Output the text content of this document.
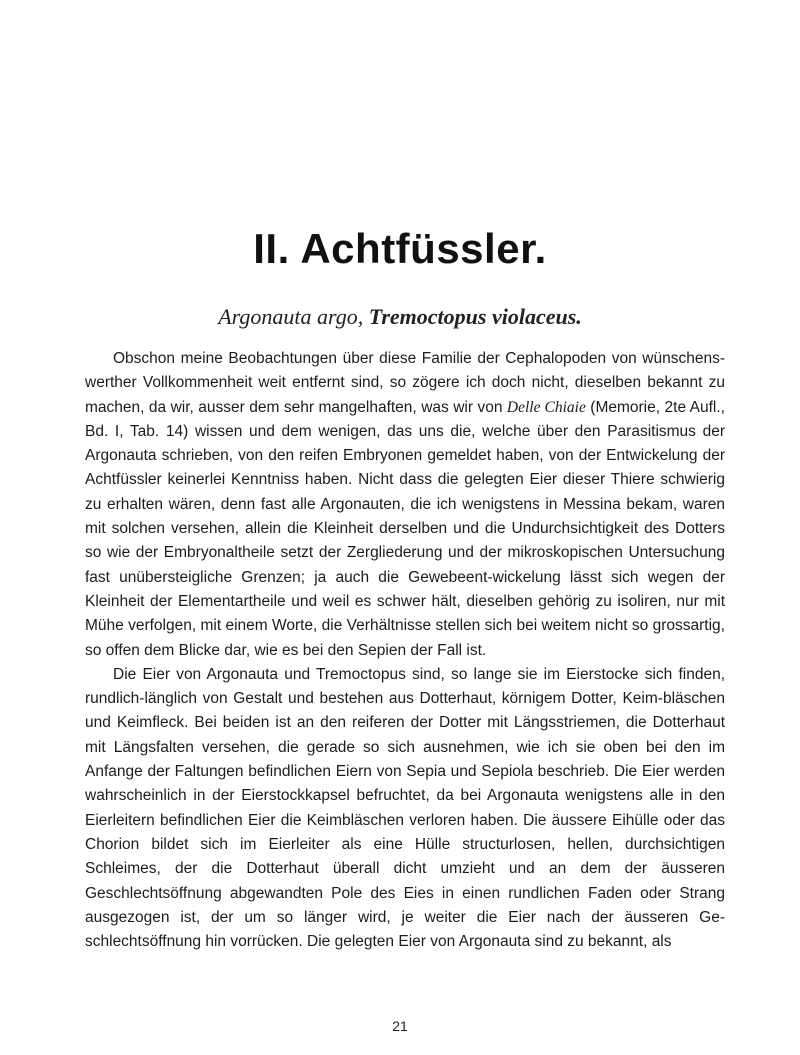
II. Achtfüssler.
Argonauta argo, Tremoctopus violaceus.

Obschon meine Beobachtungen über diese Familie der Cephalopoden von wünschens-werther Vollkommenheit weit entfernt sind, so zögere ich doch nicht, dieselben bekannt zu machen, da wir, ausser dem sehr mangelhaften, was wir von Delle Chiaie (Memorie, 2te Aufl., Bd. I, Tab. 14) wissen und dem wenigen, das uns die, welche über den Parasitismus der Argonauta schrieben, von den reifen Embryonen gemeldet haben, von der Entwickelung der Achtfüssler keinerlei Kenntniss haben. Nicht dass die gelegten Eier dieser Thiere schwierig zu erhalten wären, denn fast alle Argonauten, die ich wenigstens in Messina bekam, waren mit solchen versehen, allein die Kleinheit derselben und die Undurchsichtigkeit des Dotters so wie der Embryonaltheile setzt der Zergliederung und der mikroskopischen Untersuchung fast unübersteigliche Grenzen; ja auch die Gewebeent-wickelung lässt sich wegen der Kleinheit der Elementartheile und weil es schwer hält, dieselben gehörig zu isoliren, nur mit Mühe verfolgen, mit einem Worte, die Verhältnisse stellen sich bei weitem nicht so grossartig, so offen dem Blicke dar, wie es bei den Sepien der Fall ist.

Die Eier von Argonauta und Tremoctopus sind, so lange sie im Eierstocke sich finden, rundlich-länglich von Gestalt und bestehen aus Dotterhaut, körnigem Dotter, Keim-bläschen und Keimfleck. Bei beiden ist an den reiferen der Dotter mit Längsstriemen, die Dotterhaut mit Längsfalten versehen, die gerade so sich ausnehmen, wie ich sie oben bei den im Anfange der Faltungen befindlichen Eiern von Sepia und Sepiola beschrieb. Die Eier werden wahrscheinlich in der Eierstockkapsel befruchtet, da bei Argonauta wenigstens alle in den Eierleitern befindlichen Eier die Keimbläschen verloren haben. Die äussere Eihülle oder das Chorion bildet sich im Eierleiter als eine Hülle structurlosen, hellen, durchsichtigen Schleimes, der die Dotterhaut überall dicht umzieht und an dem der äusseren Geschlechtsöffnung abgewandten Pole des Eies in einen rundlichen Faden oder Strang ausgezogen ist, der um so länger wird, je weiter die Eier nach der äusseren Ge-schlechtsöffnung hin vorrücken. Die gelegten Eier von Argonauta sind zu bekannt, als

21
